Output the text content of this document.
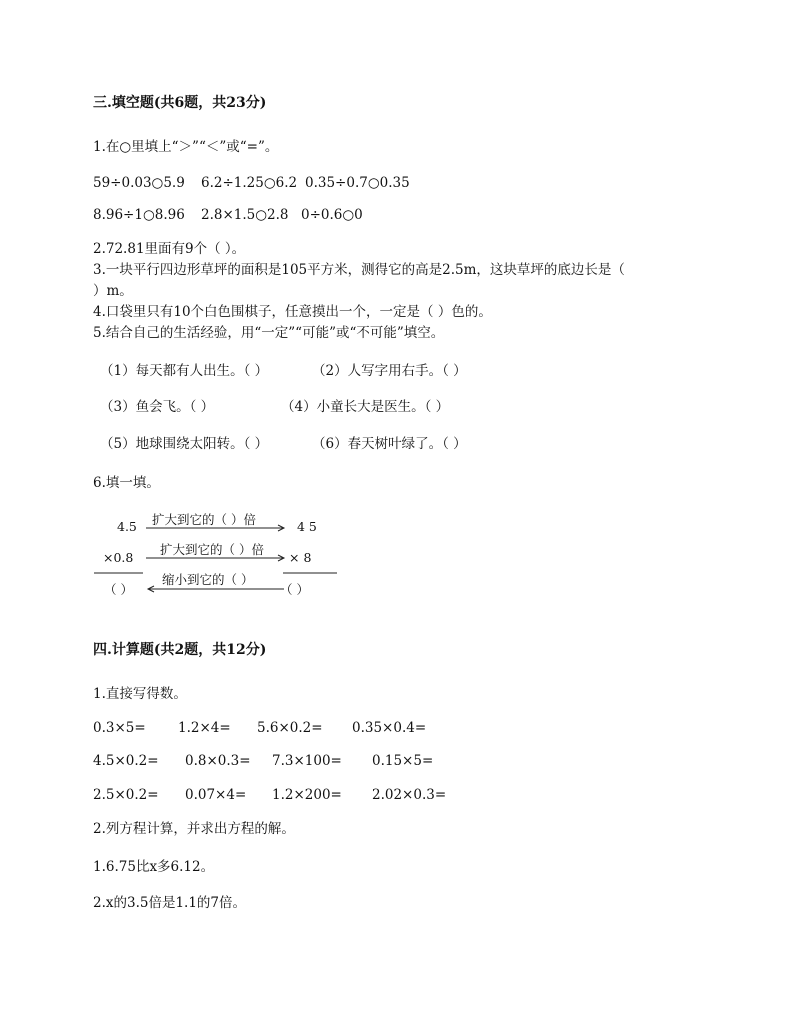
三.填空题(共6题，共23分)
1.在○里填上“＞”“＜”或“=”。
59÷0.03○5.9 6.2÷1.25○6.2 0.35÷0.7○0.35
8.96÷1○8.96 2.8×1.5○2.8 0÷0.6○0
2.72.81里面有9个（ ）。
3.一块平行四边形草坪的面积是105平方米，测得它的高是2.5m，这块草坪的底边长是（
）m。
4.口袋里只有10个白色围棋子，任意摸出一个，一定是（ ）色的。
5.结合自己的生活经验，用“一定”“可能”或“不可能”填空。
（1）每天都有人出生。（ ）	（2）人写字用右手。（ ）
（3）鱼会飞。（ ）	（4）小童长大是医生。（ ）
（5）地球围绕太阳转。（ ）	（6）春天树叶绿了。（ ）
6.填一填。
4.5
×0.8
（ ）
4 5
× 8
（ ）
扩大到它的（ ）倍
扩大到它的（ ）倍
缩小到它的（ ）
四.计算题(共2题，共12分)
1.直接写得数。
0.3×5= 1.2×4= 5.6×0.2= 0.35×0.4=
4.5×0.2= 0.8×0.3= 7.3×100= 0.15×5=
2.5×0.2= 0.07×4= 1.2×200= 2.02×0.3=
2.列方程计算，并求出方程的解。
1.6.75比x多6.12。
2.x的3.5倍是1.1的7倍。
